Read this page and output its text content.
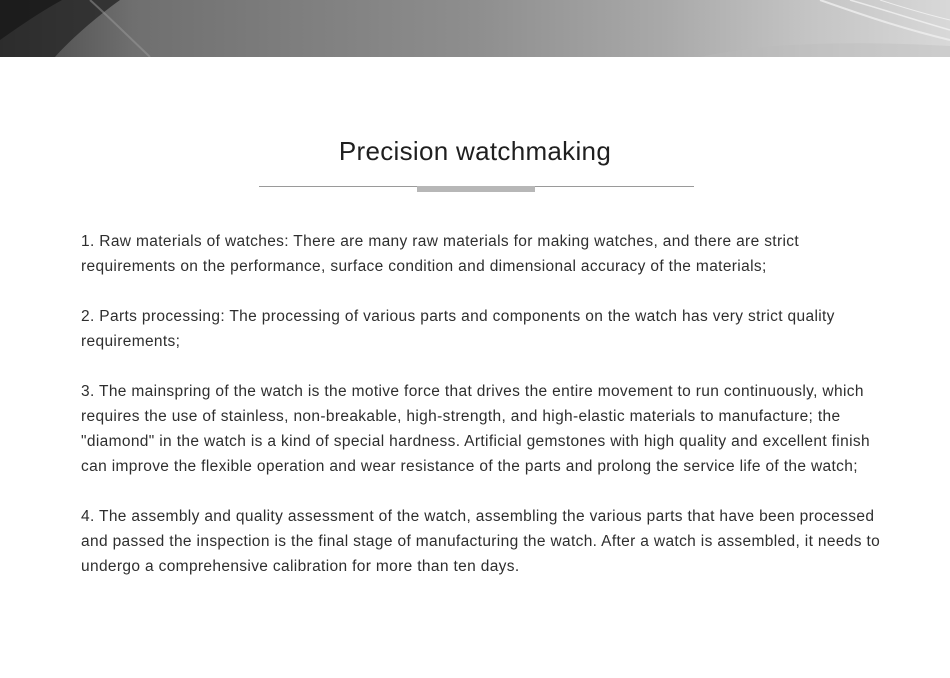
Precision watchmaking

1. Raw materials of watches: There are many raw materials for making watches, and there are strict requirements on the performance, surface condition and dimensional accuracy of the materials;

2. Parts processing: The processing of various parts and components on the watch has very strict quality requirements;

3. The mainspring of the watch is the motive force that drives the entire movement to run continuously, which requires the use of stainless, non-breakable, high-strength, and high-elastic materials to manufacture; the "diamond" in the watch is a kind of special hardness. Artificial gemstones with high quality and excellent finish can improve the flexible operation and wear resistance of the parts and prolong the service life of the watch;

4. The assembly and quality assessment of the watch, assembling the various parts that have been processed and passed the inspection is the final stage of manufacturing the watch. After a watch is assembled, it needs to undergo a comprehensive calibration for more than ten days.
